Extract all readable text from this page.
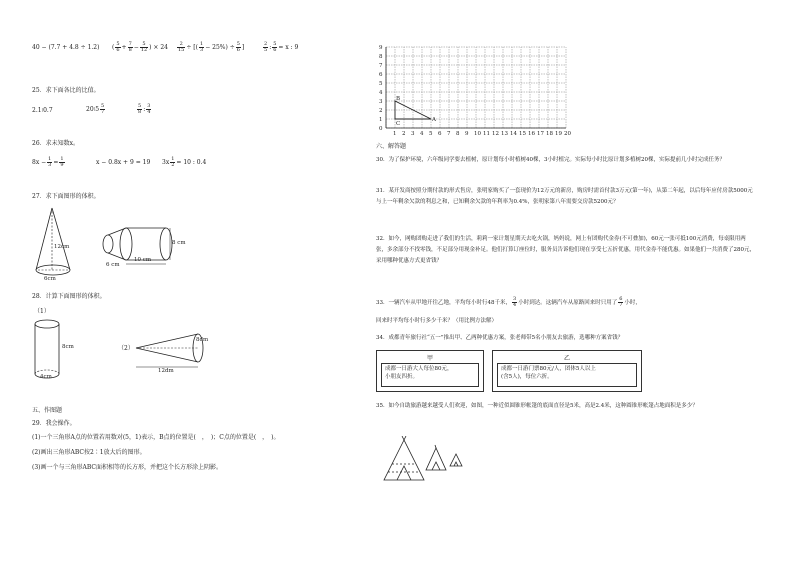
40 − (7.7 + 4.8 ÷ 1.2) ( $\frac{5}{6} + \frac{7}{8} - \frac{5}{12}$ ) × $24 \frac{2}{15}$ ÷ [( $\frac{1}{3} - 25\%) \div \frac{5}{6}$ ]	$\frac{2}{5}$ : $\frac{5}{6} = x$ : 9
25．求下面各比的比值。
2.1∶0.7	20∶5 $\frac{5}{7}$	$\frac{5}{8}$ : $\frac{3}{4}$
26．求未知数x。
$8x - \frac{1}{3} = \frac{1}{9}$	x − 0.8x + 9 = 19 $3x \frac{1}{2} = 10$ : 0.4
27．求下面图形的体积。
12cm
6cm
6 cm
10 cm
8 cm
28．计算下面图形的体积。
（1）
8cm
4cm
（2）
8dm
12dm
五、作图题
29．我会操作。
(1)一个三角形A点的位置若用数对(5，1)表示，B点的位置是(　，　)；C点的位置是(　，　)。
(2)画出三角形ABC按2∶1放大后的图形。
(3)画一个与三角形ABC面积相等的长方形，并把这个长方形涂上阴影。
0
1
2
3
4
5
6
7
8
9
1 2 3 4 5 6 7 8 9 10 11 12 13 14 15 16 17 18 19 20
A
B
C
六、解答题
30．为了保护环境，六年级同学要去植树，原计划每小时植树40棵，3小时植完。实际每小时比原计划多植树20棵，实际提前几小时完成任务？
31．某开发商按照分期付款的形式售房，张明家购买了一套现价为12万元的新房，购房时需首付款3万元(第一年)，从第二年起，以后每年应付房款5000元与上一年剩余欠款的利息之和，已知剩余欠款的年利率为0.4%，张明家第八年需要交房款5200元？
32．如今，网购团购走进了我们的生活，莉莉一家计划星期天去吃火锅，妈妈说，网上有团购代金券(不可叠加)，60元一张可抵100元消费，每桌限用两张，多余部分不找零钱，不足部分用现金补足。他们打算订座位时，服务员告诉他们现在享受七五折优惠，用代金券不能优惠。如果他们一共消费了280元，采用哪种优惠方式更省钱？
33．一辆汽车从甲地开往乙地，平均每小时行48千米， $\frac{3}{4}$ 小时到达。这辆汽车从原路回来时只用了 $\frac{6}{7}$ 小时，
回来时平均每小时行多少千米？（用比例方法解）
34．成都青年旅行社“五一”推出甲、乙两种优惠方案，张老师带5名小朋友去旅游，选哪种方案省钱？
甲
成都一日游大人每位80元，
小朋友四折。
乙
成都一日游门票80元/人，团体5人以上
(含5人)，每位六折。
35．如今自助旅游越来越受人们欢迎，如图，一种近似圆锥形帐篷的底面直径是5米，高是2.4米，这种圆锥形帐篷占地面积是多少？
